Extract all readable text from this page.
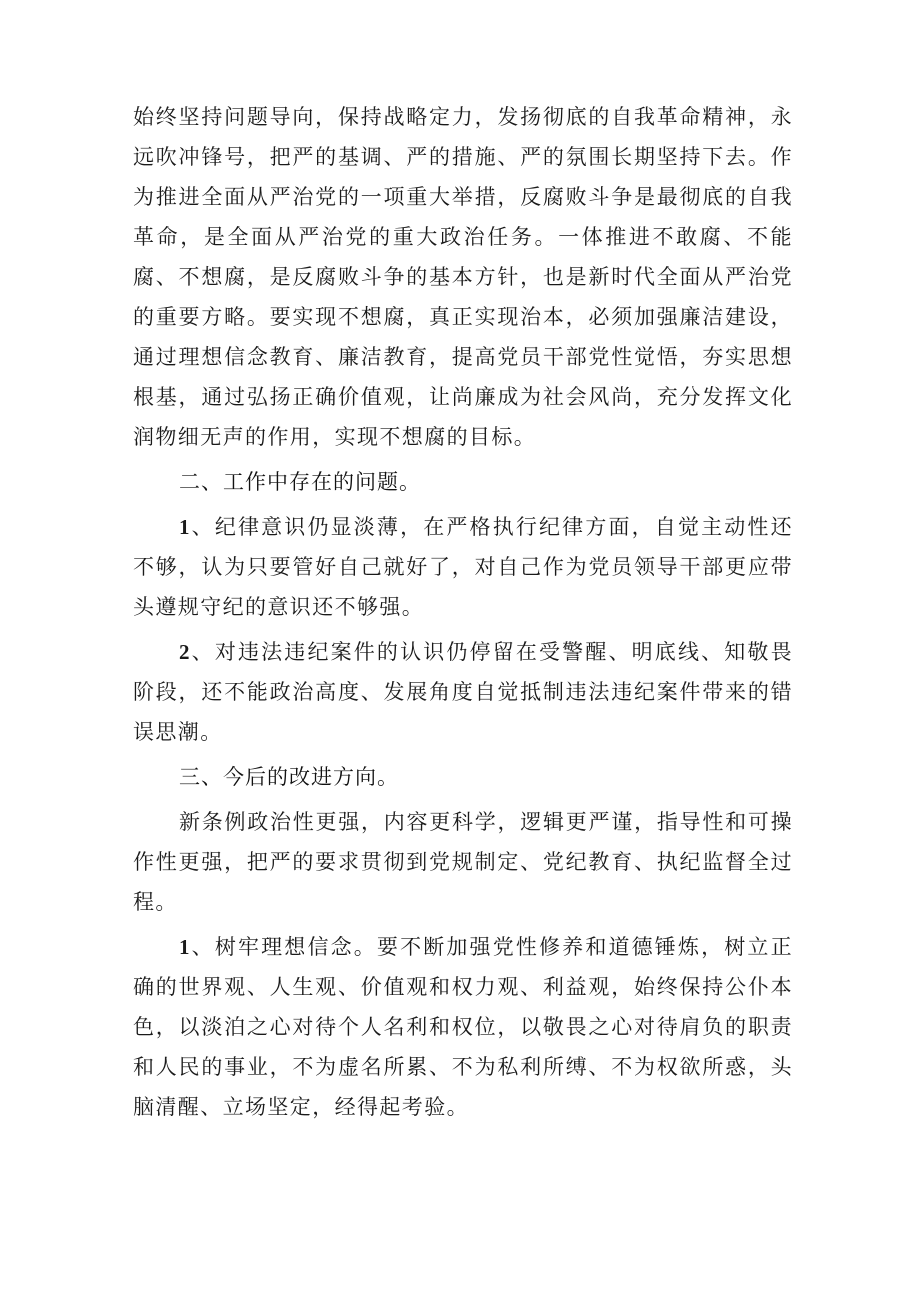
始终坚持问题导向，保持战略定力，发扬彻底的自我革命精神，永远吹冲锋号，把严的基调、严的措施、严的氛围长期坚持下去。作为推进全面从严治党的一项重大举措，反腐败斗争是最彻底的自我革命，是全面从严治党的重大政治任务。一体推进不敢腐、不能腐、不想腐，是反腐败斗争的基本方针，也是新时代全面从严治党的重要方略。要实现不想腐，真正实现治本，必须加强廉洁建设，通过理想信念教育、廉洁教育，提高党员干部党性觉悟，夯实思想根基，通过弘扬正确价值观，让尚廉成为社会风尚，充分发挥文化润物细无声的作用，实现不想腐的目标。

二、工作中存在的问题。

1、纪律意识仍显淡薄，在严格执行纪律方面，自觉主动性还不够，认为只要管好自己就好了，对自己作为党员领导干部更应带头遵规守纪的意识还不够强。

2、对违法违纪案件的认识仍停留在受警醒、明底线、知敬畏阶段，还不能政治高度、发展角度自觉抵制违法违纪案件带来的错误思潮。

三、今后的改进方向。

新条例政治性更强，内容更科学，逻辑更严谨，指导性和可操作性更强，把严的要求贯彻到党规制定、党纪教育、执纪监督全过程。

1、树牢理想信念。要不断加强党性修养和道德锤炼，树立正确的世界观、人生观、价值观和权力观、利益观，始终保持公仆本色，以淡泊之心对待个人名利和权位，以敬畏之心对待肩负的职责和人民的事业，不为虚名所累、不为私利所缚、不为权欲所惑，头脑清醒、立场坚定，经得起考验。
